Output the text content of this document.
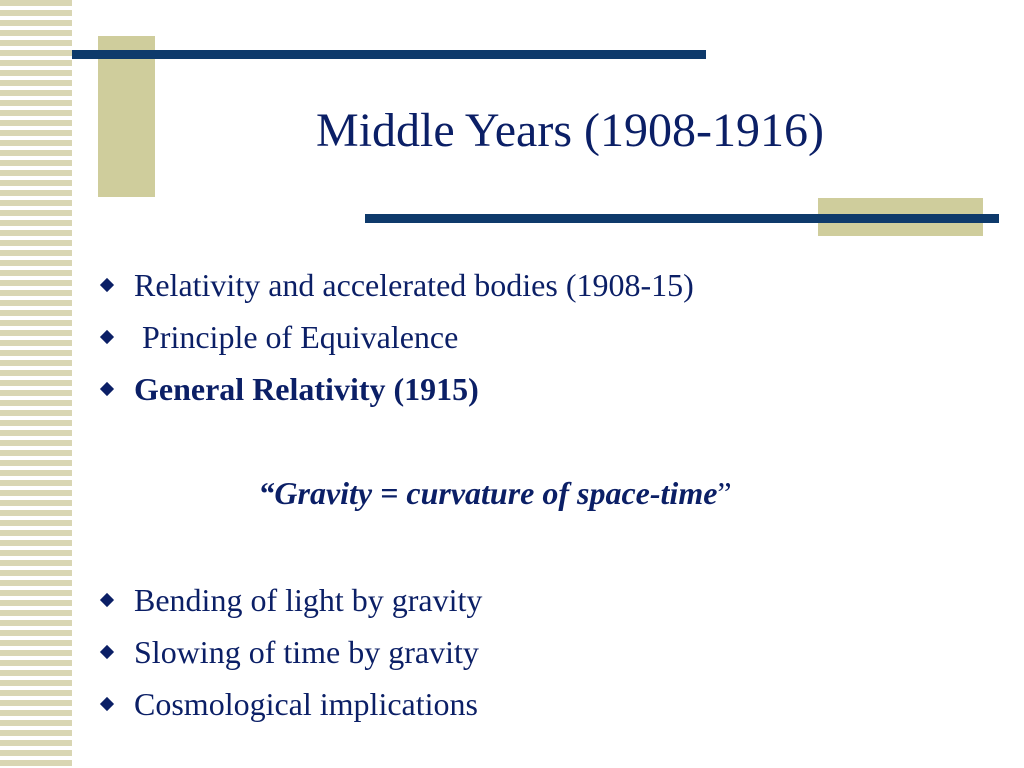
Middle Years (1908-1916)
Relativity and accelerated bodies (1908-15)
Principle of Equivalence
General Relativity (1915)
“Gravity = curvature of space-time”
Bending of light by gravity
Slowing of time by gravity
Cosmological implications
